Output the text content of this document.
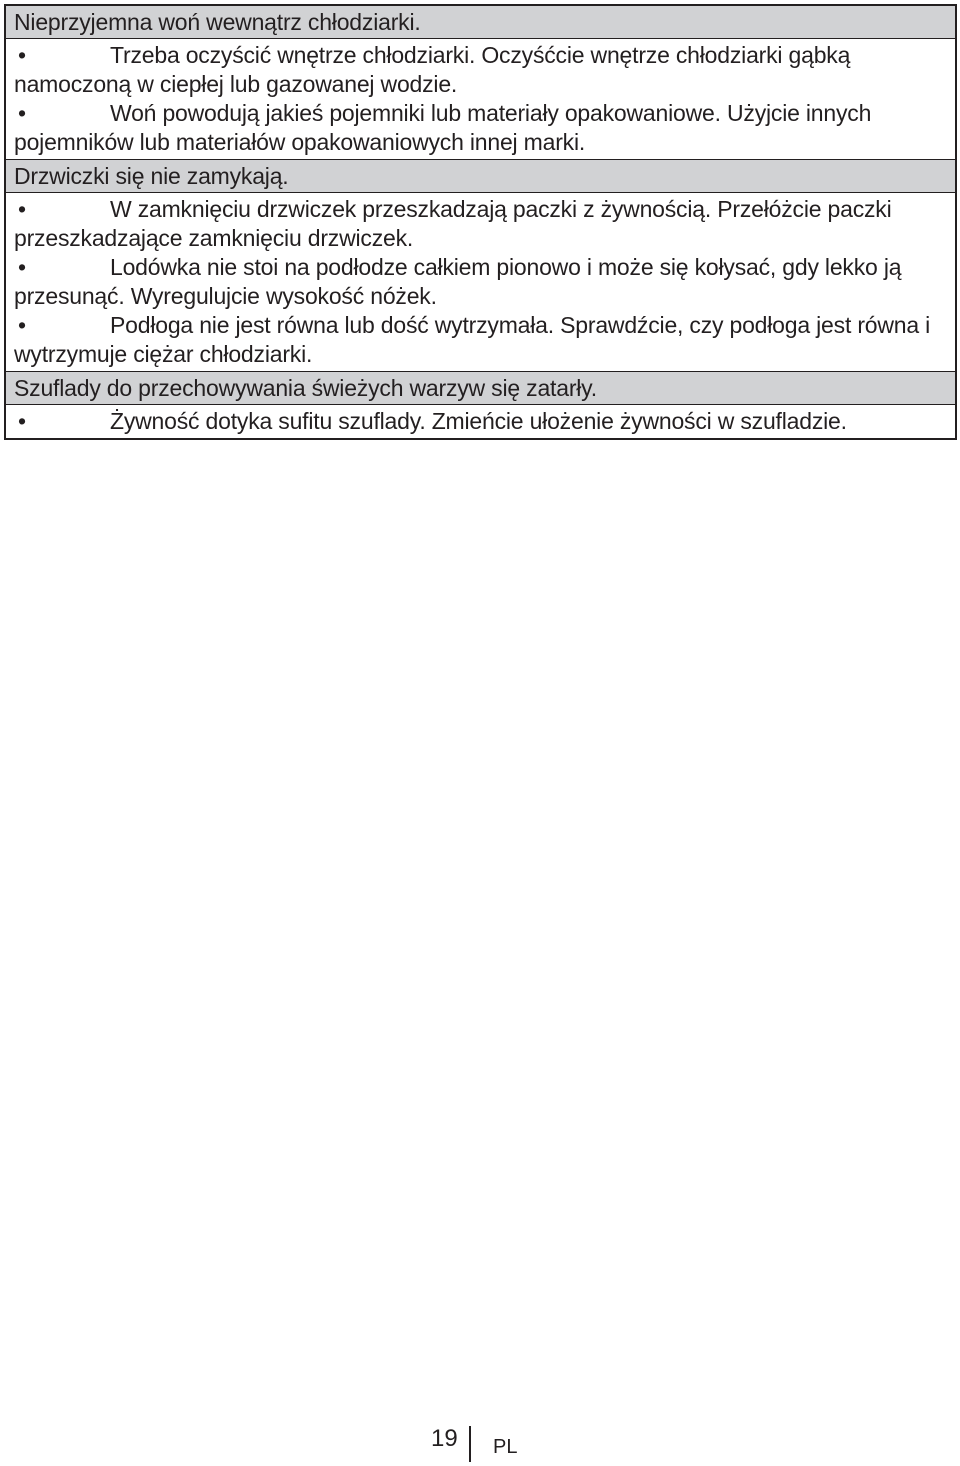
Nieprzyjemna woń wewnątrz chłodziarki.
•	Trzeba oczyścić wnętrze chłodziarki. Oczyśćcie wnętrze chłodziarki gąbką namoczoną w ciepłej lub gazowanej wodzie.
•	Woń powodują jakieś pojemniki lub materiały opakowaniowe. Użyjcie innych pojemników lub materiałów opakowaniowych innej marki.
Drzwiczki się nie zamykają.
•	W zamknięciu drzwiczek przeszkadzają paczki z żywnością. Przełóżcie paczki przeszkadzające zamknięciu drzwiczek.
•	Lodówka nie stoi na podłodze całkiem pionowo i może się kołysać, gdy lekko ją przesunąć. Wyregulujcie wysokość nóżek.
•	Podłoga nie jest równa lub dość wytrzymała. Sprawdźcie, czy podłoga jest równa i wytrzymuje ciężar chłodziarki.
Szuflady do przechowywania świeżych warzyw się zatarły.
•	Żywność dotyka sufitu szuflady. Zmieńcie ułożenie żywności w szufladzie.
19 PL
